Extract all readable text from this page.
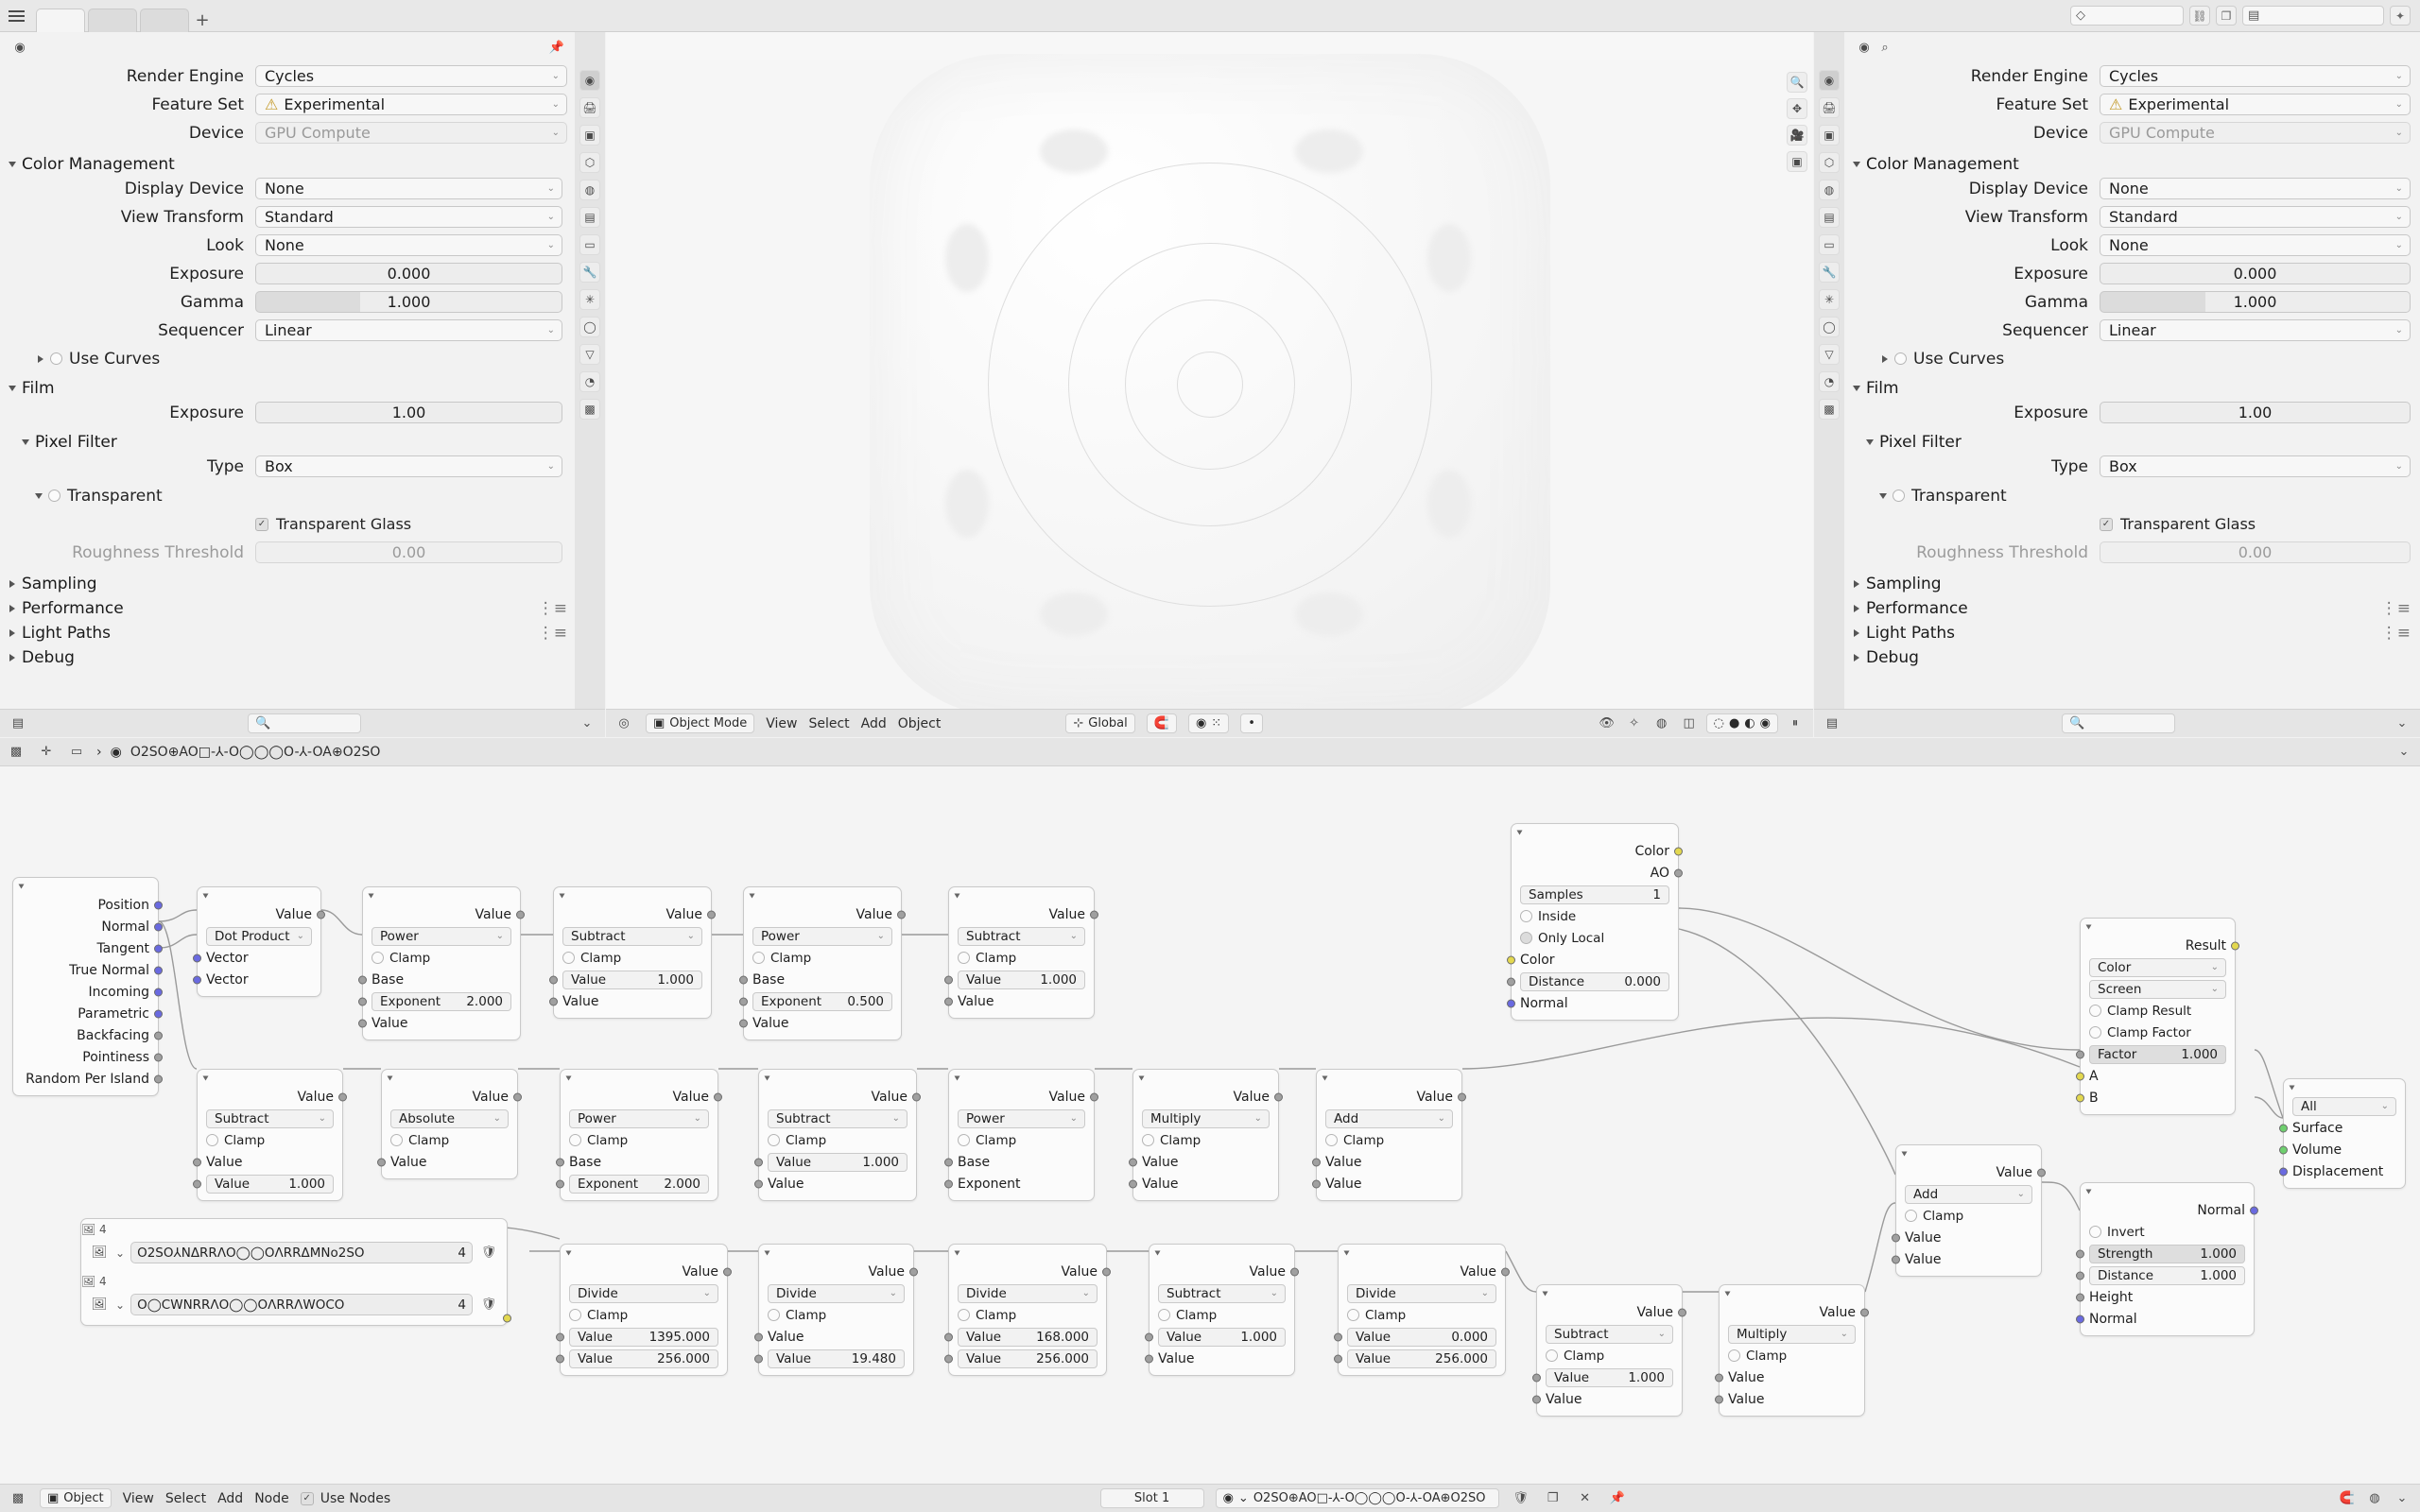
+	◇	⛓	❐	▤	✦
◉
🖨
▣
⬡
◍
▤
▭
🔧
✳
◯
▽
◔
▩
◉	📌
Render Engine	Cycles	⌄
Feature Set	⚠ Experimental	⌄
Device	GPU Compute	⌄
Color Management
Display Device	None	⌄
View Transform	Standard	⌄
Look	None	⌄
Exposure	0.000
Gamma	1.000
Sequencer	Linear	⌄
Use Curves
Film
Exposure	1.00
Pixel Filter
Type	Box	⌄
Transparent
✓ Transparent Glass
Roughness Threshold	0.00
Sampling
Performance	⋮≡
Light Paths	⋮≡
Debug
▤	🔍	⌄
🔍
✥
🎥
▣
◎	▣ Object Mode View Select Add Object	⊹ Global 🧲 ◉ ⁙ •	👁	✧	◍	◫	◌ ● ◐ ◉	⏸
◉
🖨
▣
⬡
◍
▤
▭
🔧
✳
◯
▽
◔
▩
◉ ⌕
Render Engine	Cycles	⌄
Feature Set	⚠ Experimental	⌄
Device	GPU Compute	⌄
Color Management
Display Device	None	⌄
View Transform	Standard	⌄
Look	None	⌄
Exposure	0.000
Gamma	1.000
Sequencer	Linear	⌄
Use Curves
Film
Exposure	1.00
Pixel Filter
Type	Box	⌄
Transparent
✓ Transparent Glass
Roughness Threshold	0.00
Sampling
Performance	⋮≡
Light Paths	⋮≡
Debug
▤	🔍	⌄
▩	✛	▭	› ◉ O2SO⊕AO□-⅄-O◯◯◯O-⅄-OA⊕O2SO	⌄
Position
Normal
Tangent
True Normal
Incoming
Parametric
Backfacing
Pointiness
Random Per Island
Value
Dot Product ⌄
Vector
Vector
Value
Power	⌄
Clamp
Base
Exponent 2.000
Value
Value
Subtract	⌄
Clamp
Value	1.000
Value
Value
Power	⌄
Clamp
Base
Exponent 0.500
Value
Value
Subtract	⌄
Clamp
Value	1.000
Value
Value
Subtract	⌄
Clamp
Value
Value	1.000
Value
Absolute	⌄
Clamp
Value
Value
Power	⌄
Clamp
Base
Exponent 2.000
Value
Subtract	⌄
Clamp
Value	1.000
Value
Value
Power	⌄
Clamp
Base
Exponent
Value
Multiply	⌄
Clamp
Value
Value
Value
Add	⌄
Clamp
Value
Value
Color
AO
Samples	1
Inside
Only Local
Color
Distance	0.000
Normal
Result
Color	⌄
Screen	⌄
Clamp Result
Clamp Factor
Factor	1.000
A
B
Normal
Invert
Strength	1.000
Distance	1.000
Height
Normal
All	⌄
Surface
Volume
Displacement
Value
Add	⌄
Clamp
Value
Value
🖼 4
🖼 ⌄ O2SO⅄NΔRRΛO◯◯OΛRRΔMNo2SO	4 🛡
🖼 4
🖼 ⌄ O◯CWNRRΛO◯◯OΛRRΛWOCO	4 🛡
Value
Divide	⌄
Clamp
Value	1395.000
Value	256.000
Value
Divide	⌄
Clamp
Value
Value	19.480
Value
Divide	⌄
Clamp
Value	168.000
Value	256.000
Value
Subtract	⌄
Clamp
Value	1.000
Value
Value
Divide	⌄
Clamp
Value	0.000
Value	256.000
Value
Subtract	⌄
Clamp
Value	1.000
Value
Value
Multiply	⌄
Clamp
Value
Value
▩	▣ Object View Select Add Node ✓ Use Nodes	Slot 1	◉ ⌄ O2SO⊕AO□-⅄-O◯◯◯O-⅄-OA⊕O2SO 🛡	❐	✕	📌	🧲	◍	⌄
